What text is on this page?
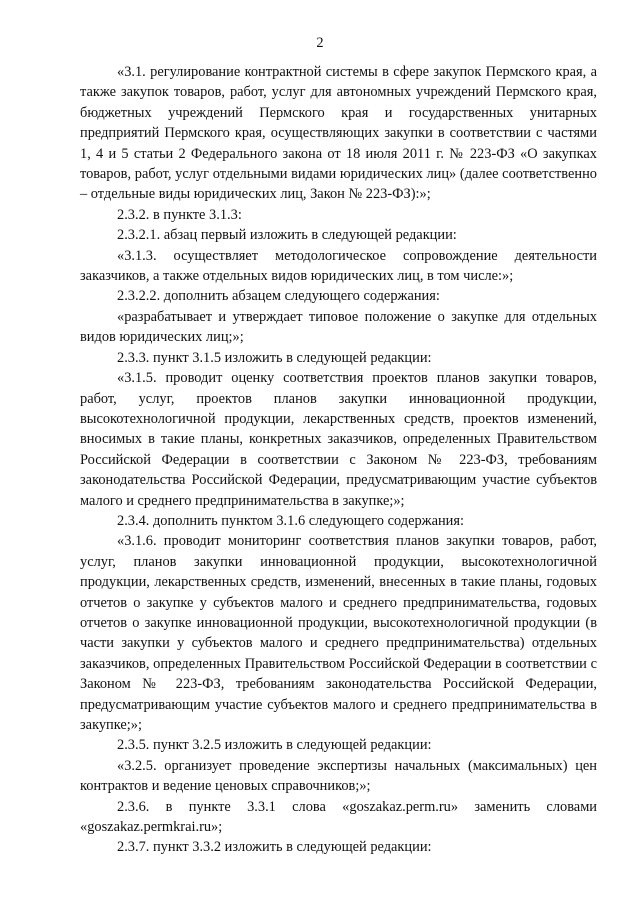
2

«3.1. регулирование контрактной системы в сфере закупок Пермского края, а также закупок товаров, работ, услуг для автономных учреждений Пермского края, бюджетных учреждений Пермского края и государственных унитарных предприятий Пермского края, осуществляющих закупки в соответствии с частями 1, 4 и 5 статьи 2 Федерального закона от 18 июля 2011 г. № 223-ФЗ «О закупках товаров, работ, услуг отдельными видами юридических лиц» (далее соответственно – отдельные виды юридических лиц, Закон № 223-ФЗ):»;

2.3.2. в пункте 3.1.3:

2.3.2.1. абзац первый изложить в следующей редакции:

«3.1.3. осуществляет методологическое сопровождение деятельности заказчиков, а также отдельных видов юридических лиц, в том числе:»;

2.3.2.2. дополнить абзацем следующего содержания:

«разрабатывает и утверждает типовое положение о закупке для отдельных видов юридических лиц;»;

2.3.3. пункт 3.1.5 изложить в следующей редакции:

«3.1.5. проводит оценку соответствия проектов планов закупки товаров, работ, услуг, проектов планов закупки инновационной продукции, высокотехнологичной продукции, лекарственных средств, проектов изменений, вносимых в такие планы, конкретных заказчиков, определенных Правительством Российской Федерации в соответствии с Законом № 223-ФЗ, требованиям законодательства Российской Федерации, предусматривающим участие субъектов малого и среднего предпринимательства в закупке;»;

2.3.4. дополнить пунктом 3.1.6 следующего содержания:

«3.1.6. проводит мониторинг соответствия планов закупки товаров, работ, услуг, планов закупки инновационной продукции, высокотехнологичной продукции, лекарственных средств, изменений, внесенных в такие планы, годовых отчетов о закупке у субъектов малого и среднего предпринимательства, годовых отчетов о закупке инновационной продукции, высокотехнологичной продукции (в части закупки у субъектов малого и среднего предпринимательства) отдельных заказчиков, определенных Правительством Российской Федерации в соответствии с Законом № 223-ФЗ, требованиям законодательства Российской Федерации, предусматривающим участие субъектов малого и среднего предпринимательства в закупке;»;

2.3.5. пункт 3.2.5 изложить в следующей редакции:

«3.2.5. организует проведение экспертизы начальных (максимальных) цен контрактов и ведение ценовых справочников;»;

2.3.6. в пункте 3.3.1 слова «goszakaz.perm.ru» заменить словами «goszakaz.permkrai.ru»;

2.3.7. пункт 3.3.2 изложить в следующей редакции:
